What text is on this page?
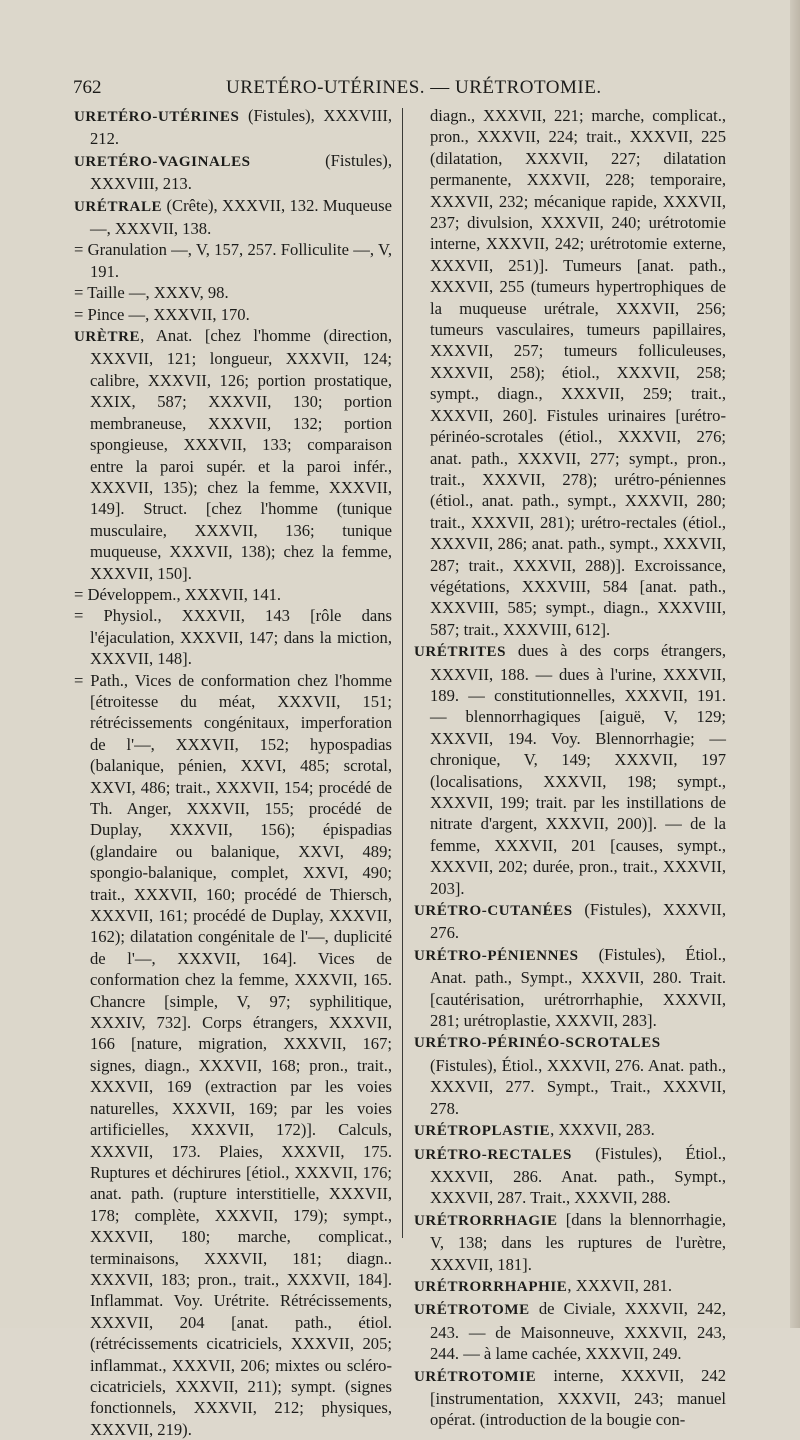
762	URETÉRO-UTÉRINES. — URÉTROTOMIE.

URETÉRO-UTÉRINES (Fistules), XXXVIII, 212.

URETÉRO-VAGINALES (Fistules), XXXVIII, 213.

URÉTRALE (Crête), XXXVII, 132. Muqueuse —, XXXVII, 138.

= Granulation —, V, 157, 257. Folliculite —, V, 191.

= Taille —, XXXV, 98.

= Pince —, XXXVII, 170.

URÈTRE, Anat. [chez l'homme (direction, XXXVII, 121; longueur, XXXVII, 124; calibre, XXXVII, 126; portion prostatique, XXIX, 587; XXXVII, 130; portion membraneuse, XXXVII, 132; portion spongieuse, XXXVII, 133; comparaison entre la paroi supér. et la paroi infér., XXXVII, 135); chez la femme, XXXVII, 149]. Struct. [chez l'homme (tunique musculaire, XXXVII, 136; tunique muqueuse, XXXVII, 138); chez la femme, XXXVII, 150].

= Développem., XXXVII, 141.

= Physiol., XXXVII, 143 [rôle dans l'éjaculation, XXXVII, 147; dans la miction, XXXVII, 148].

= Path., Vices de conformation chez l'homme [étroitesse du méat, XXXVII, 151; rétrécissements congénitaux, imperforation de l'—, XXXVII, 152; hypospadias (balanique, pénien, XXVI, 485; scrotal, XXVI, 486; trait., XXXVII, 154; procédé de Th. Anger, XXXVII, 155; procédé de Duplay, XXXVII, 156); épispadias (glandaire ou balanique, XXVI, 489; spongio-balanique, complet, XXVI, 490; trait., XXXVII, 160; procédé de Thiersch, XXXVII, 161; procédé de Duplay, XXXVII, 162); dilatation congénitale de l'—, duplicité de l'—, XXXVII, 164]. Vices de conformation chez la femme, XXXVII, 165. Chancre [simple, V, 97; syphilitique, XXXIV, 732]. Corps étrangers, XXXVII, 166 [nature, migration, XXXVII, 167; signes, diagn., XXXVII, 168; pron., trait., XXXVII, 169 (extraction par les voies naturelles, XXXVII, 169; par les voies artificielles, XXXVII, 172)]. Calculs, XXXVII, 173. Plaies, XXXVII, 175. Ruptures et déchirures [étiol., XXXVII, 176; anat. path. (rupture interstitielle, XXXVII, 178; complète, XXXVII, 179); sympt., XXXVII, 180; marche, complicat., terminaisons, XXXVII, 181; diagn.. XXXVII, 183; pron., trait., XXXVII, 184]. Inflammat. Voy. Urétrite. Rétrécissements, XXXVII, 204 [anat. path., étiol. (rétrécissements cicatriciels, XXXVII, 205; inflammat., XXXVII, 206; mixtes ou scléro-cicatriciels, XXXVII, 211); sympt. (signes fonctionnels, XXXVII, 212; physiques, XXXVII, 219).

diagn., XXXVII, 221; marche, complicat., pron., XXXVII, 224; trait., XXXVII, 225 (dilatation, XXXVII, 227; dilatation permanente, XXXVII, 228; temporaire, XXXVII, 232; mécanique rapide, XXXVII, 237; divulsion, XXXVII, 240; urétrotomie interne, XXXVII, 242; urétrotomie externe, XXXVII, 251)]. Tumeurs [anat. path., XXXVII, 255 (tumeurs hypertrophiques de la muqueuse urétrale, XXXVII, 256; tumeurs vasculaires, tumeurs papillaires, XXXVII, 257; tumeurs folliculeuses, XXXVII, 258); étiol., XXXVII, 258; sympt., diagn., XXXVII, 259; trait., XXXVII, 260]. Fistules urinaires [urétro-périnéo-scrotales (étiol., XXXVII, 276; anat. path., XXXVII, 277; sympt., pron., trait., XXXVII, 278); urétro-péniennes (étiol., anat. path., sympt., XXXVII, 280; trait., XXXVII, 281); urétro-rectales (étiol., XXXVII, 286; anat. path., sympt., XXXVII, 287; trait., XXXVII, 288)]. Excroissance, végétations, XXXVIII, 584 [anat. path., XXXVIII, 585; sympt., diagn., XXXVIII, 587; trait., XXXVIII, 612].

URÉTRITES dues à des corps étrangers, XXXVII, 188. — dues à l'urine, XXXVII, 189. — constitutionnelles, XXXVII, 191. — blennorrhagiques [aiguë, V, 129; XXXVII, 194. Voy. Blennorrhagie; — chronique, V, 149; XXXVII, 197 (localisations, XXXVII, 198; sympt., XXXVII, 199; trait. par les instillations de nitrate d'argent, XXXVII, 200)]. — de la femme, XXXVII, 201 [causes, sympt., XXXVII, 202; durée, pron., trait., XXXVII, 203].

URÉTRO-CUTANÉES (Fistules), XXXVII, 276.

URÉTRO-PÉNIENNES (Fistules), Étiol., Anat. path., Sympt., XXXVII, 280. Trait. [cautérisation, urétrorrhaphie, XXXVII, 281; urétroplastie, XXXVII, 283].

URÉTRO-PÉRINÉO-SCROTALES (Fistules), Étiol., XXXVII, 276. Anat. path., XXXVII, 277. Sympt., Trait., XXXVII, 278.

URÉTROPLASTIE, XXXVII, 283.

URÉTRO-RECTALES (Fistules), Étiol., XXXVII, 286. Anat. path., Sympt., XXXVII, 287. Trait., XXXVII, 288.

URÉTRORRHAGIE [dans la blennorrhagie, V, 138; dans les ruptures de l'urètre, XXXVII, 181].

URÉTRORRHAPHIE, XXXVII, 281.

URÉTROTOME de Civiale, XXXVII, 242, 243. — de Maisonneuve, XXXVII, 243, 244. — à lame cachée, XXXVII, 249.

URÉTROTOMIE interne, XXXVII, 242 [instrumentation, XXXVII, 243; manuel opérat. (introduction de la bougie con-
